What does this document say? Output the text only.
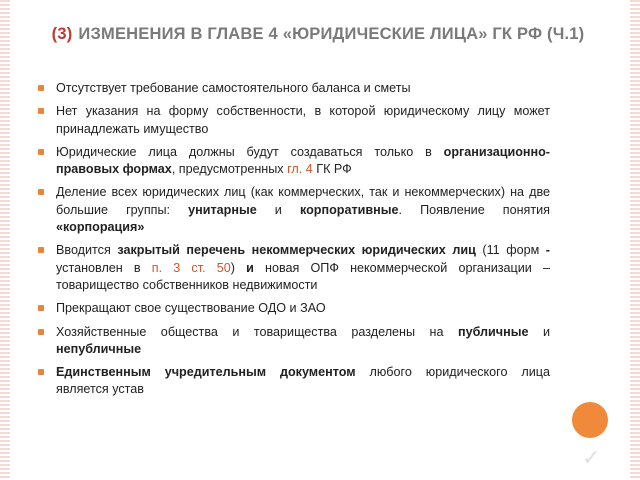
(3) ИЗМЕНЕНИЯ В ГЛАВЕ 4 «ЮРИДИЧЕСКИЕ ЛИЦА» ГК РФ (Ч.1)
Отсутствует требование самостоятельного баланса и сметы
Нет указания на форму собственности, в которой юридическому лицу может принадлежать имущество
Юридические лица должны будут создаваться только в организационно-правовых формах, предусмотренных гл. 4 ГК РФ
Деление всех юридических лиц (как коммерческих, так и некоммерческих) на две большие группы: унитарные и корпоративные. Появление понятия «корпорация»
Вводится закрытый перечень некоммерческих юридических лиц (11 форм - установлен в п. 3 ст. 50) и новая ОПФ некоммерческой организации – товарищество собственников недвижимости
Прекращают свое существование ОДО и ЗАО
Хозяйственные общества и товарищества разделены на публичные и непубличные
Единственным учредительным документом любого юридического лица является устав
✓
